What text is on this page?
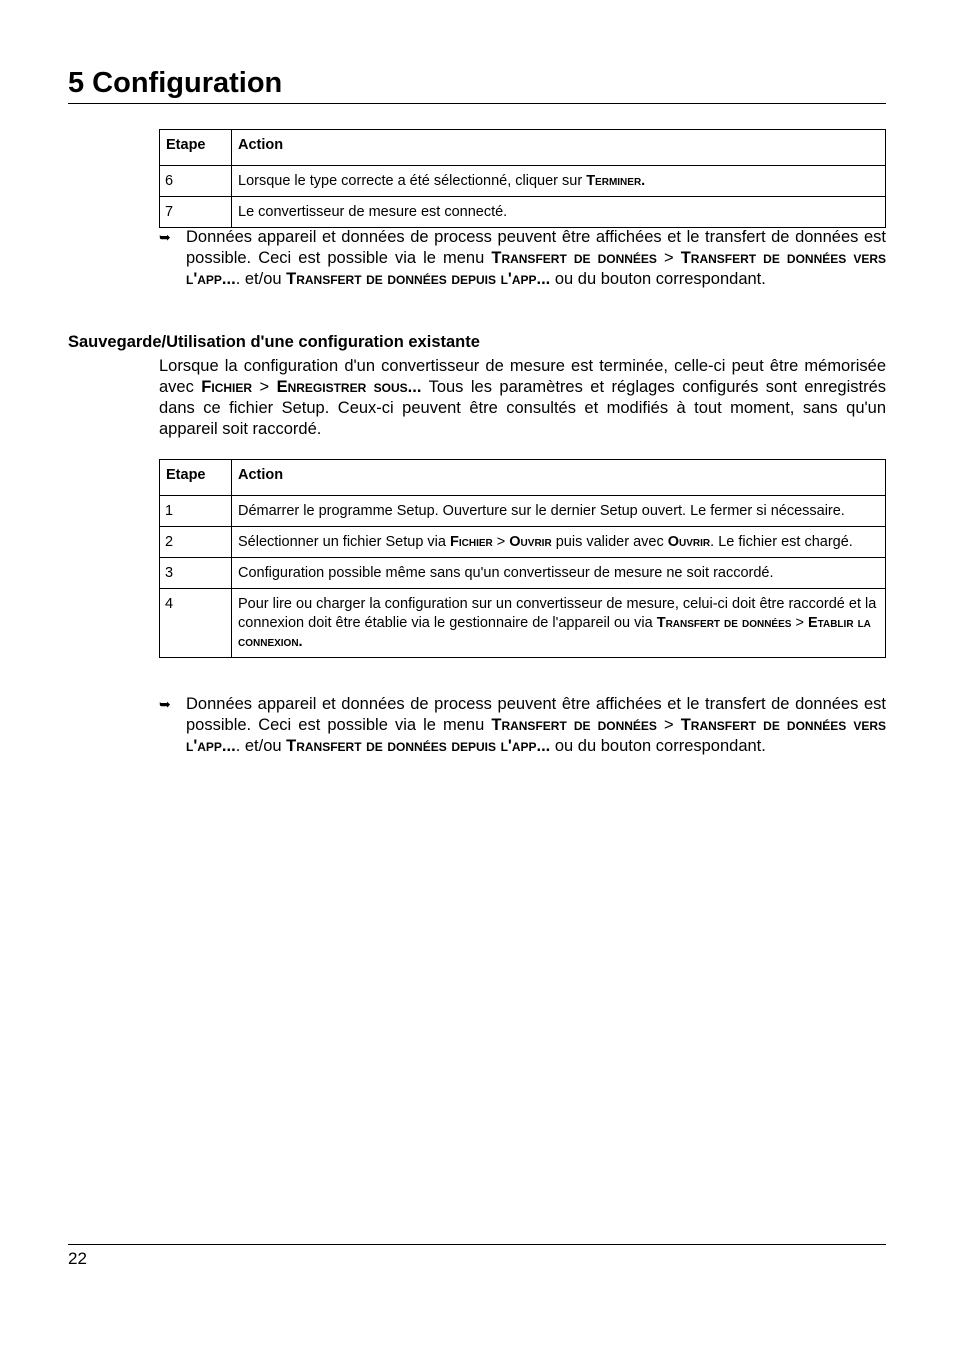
5 Configuration
Etape	Action
6	Lorsque le type correcte a été sélectionné, cliquer sur Terminer.
7	Le convertisseur de mesure est connecté.
➥ Données appareil et données de process peuvent être affichées et le transfert de données est possible. Ceci est possible via le menu Transfert de données > Transfert de données vers l'app.... et/ou Transfert de données depuis l'app... ou du bouton correspondant.
Sauvegarde/Utilisation d'une configuration existante
Lorsque la configuration d'un convertisseur de mesure est terminée, celle-ci peut être mémorisée avec Fichier > Enregistrer sous... Tous les paramètres et réglages configurés sont enregistrés dans ce fichier Setup. Ceux-ci peuvent être consultés et modifiés à tout moment, sans qu'un appareil soit raccordé.
Etape	Action
1	Démarrer le programme Setup. Ouverture sur le dernier Setup ouvert. Le fermer si nécessaire.
2	Sélectionner un fichier Setup via Fichier > Ouvrir puis valider avec Ouvrir. Le fichier est chargé.
3	Configuration possible même sans qu'un convertisseur de mesure ne soit raccordé.
4	Pour lire ou charger la configuration sur un convertisseur de mesure, celui-ci doit être raccordé et la connexion doit être établie via le gestionnaire de l'appareil ou via Transfert de données > Etablir la connexion.
➥ Données appareil et données de process peuvent être affichées et le transfert de données est possible. Ceci est possible via le menu Transfert de données > Transfert de données vers l'app.... et/ou Transfert de données depuis l'app... ou du bouton correspondant.
22
